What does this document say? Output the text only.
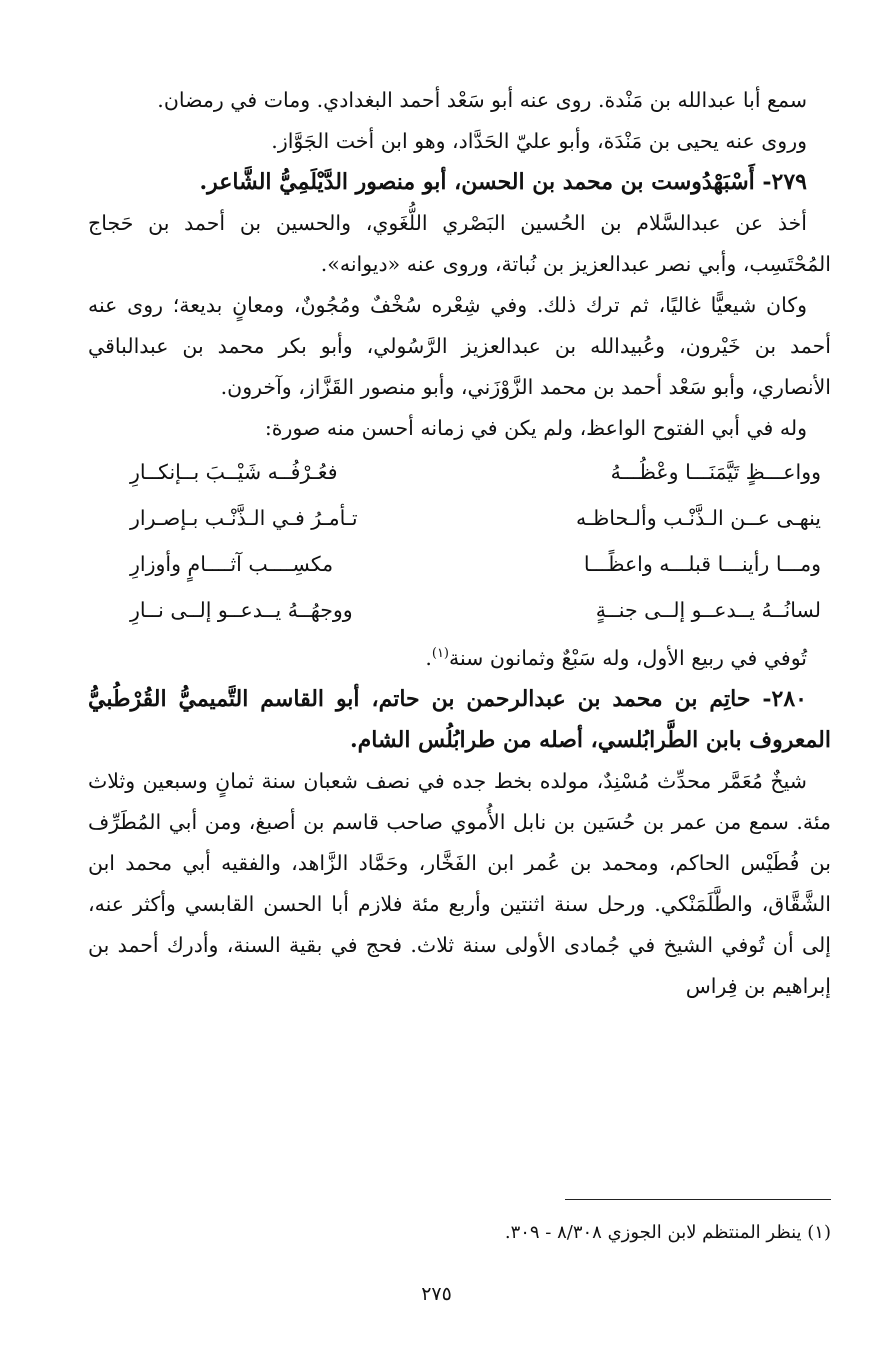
سمع أبا عبدالله بن مَنْدة. روى عنه أبو سَعْد أحمد البغدادي. ومات في رمضان.

وروى عنه يحيى بن مَنْدَة، وأبو عليّ الحَدَّاد، وهو ابن أخت الجَوَّاز.

٢٧٩- أَسْبَهْدُوست بن محمد بن الحسن، أبو منصور الدَّيْلَمِيُّ الشَّاعر.

أخذ عن عبدالسَّلام بن الحُسين البَصْري اللُّغَوي، والحسين بن أحمد بن حَجاج المُحْتَسِب، وأبي نصر عبدالعزيز بن نُباتة، وروى عنه «ديوانه».

وكان شيعيًّا غاليًا، ثم ترك ذلك. وفي شِعْره سُخْفٌ ومُجُونٌ، ومعانٍ بديعة؛ روى عنه أحمد بن خَيْرون، وعُبيدالله بن عبدالعزيز الرَّسُولي، وأبو بكر محمد بن عبدالباقي الأنصاري، وأبو سَعْد أحمد بن محمد الزَّوْزَني، وأبو منصور القَزَّاز، وآخرون.

وله في أبي الفتوح الواعظ، ولم يكن في زمانه أحسن منه صورة:

وواعـــظٍ تَيَّمَنَـــا وعْظُـــهُ
فعُـرْفُــه شَيْــبَ بــإنكــارِ
ينهـى عــن الـذَّنْـب وألـحاظـه
تـأمـرُ فـي الـذَّنْـب بـإصـرار
ومـــا رأينـــا قبلـــه واعظًـــا
مكسِــــب آثــــامٍ وأوزارِ
لسانُــهُ يــدعــو إلــى جنــةٍ
ووجهُــهُ يــدعــو إلــى نــارِ

تُوفي في ربيع الأول، وله سَبْعٌ وثمانون سنة$^{(١)}$.

٢٨٠- حاتِم بن محمد بن عبدالرحمن بن حاتم، أبو القاسم التَّميميُّ القُرْطُبيُّ المعروف بابن الطَّرابُلسي، أصله من طرابُلُس الشام.

شيخٌ مُعَمَّر محدِّث مُسْنِدٌ، مولده بخط جده في نصف شعبان سنة ثمانٍ وسبعين وثلاث مئة. سمع من عمر بن حُسَين بن نابل الأُموي صاحب قاسم بن أصبغ، ومن أبي المُطَرِّف بن فُطَيْس الحاكم، ومحمد بن عُمر ابن الفَخَّار، وحَمَّاد الزَّاهد، والفقيه أبي محمد ابن الشَّقَّاق، والطَّلَمَنْكي. ورحل سنة اثنتين وأربع مئة فلازم أبا الحسن القابسي وأكثر عنه، إلى أن تُوفي الشيخ في جُمادى الأولى سنة ثلاث. فحج في بقية السنة، وأدرك أحمد بن إبراهيم بن فِراس

(١) ينظر المنتظم لابن الجوزي ٨/٣٠٨ - ٣٠٩.
٢٧٥
